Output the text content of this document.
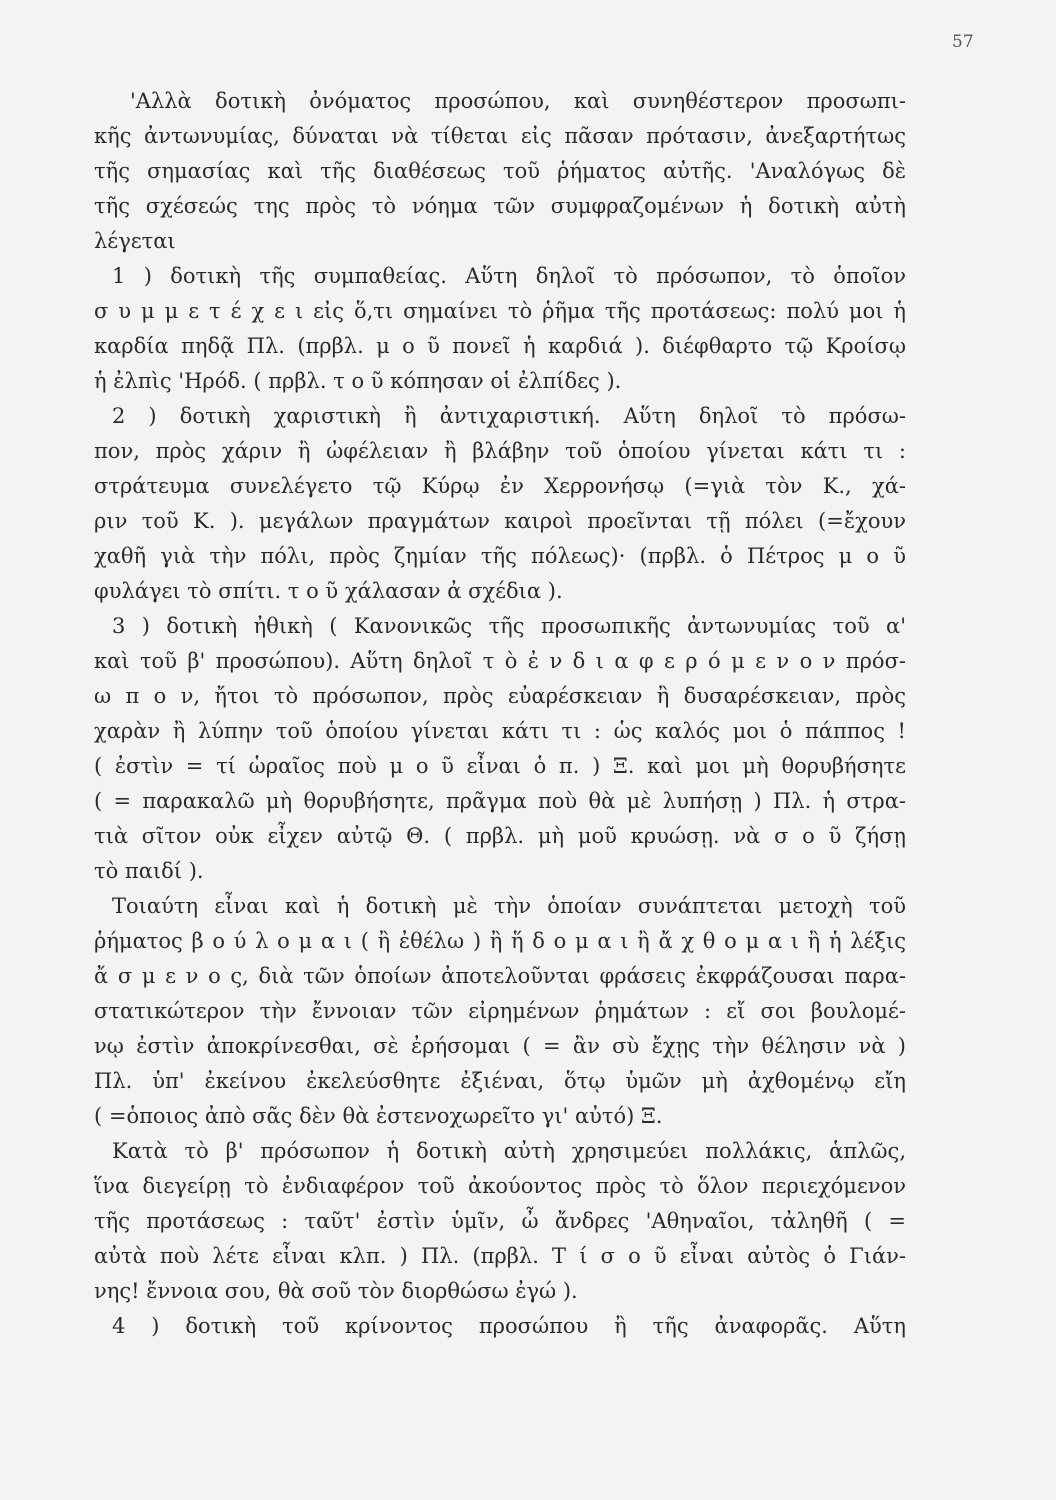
57
'Αλλὰ δοτικὴ ὀνόματος προσώπου, καὶ συνηθέστερον προσωπι-
κῆς ἀντωνυμίας, δύναται νὰ τίθεται εἰς πᾶσαν πρότασιν, ἀνεξαρτήτως
τῆς σημασίας καὶ τῆς διαθέσεως τοῦ ῥήματος αὐτῆς. 'Αναλόγως δὲ
τῆς σχέσεώς της πρὸς τὸ νόημα τῶν συμφραζομένων ἡ δοτικὴ αὐτὴ
λέγεται
1 ) δοτικὴ τῆς συμπαθείας. Αὕτη δηλοῖ τὸ πρόσωπον, τὸ ὁποῖον
σ υ μ μ ε τ έ χ ε ι εἰς ὅ,τι σημαίνει τὸ ῥῆμα τῆς προτάσεως: πολύ μοι ἡ
καρδία πηδᾷ Πλ. (πρβλ. μ ο ῦ πονεῖ ἡ καρδιά ). διέφθαρτο τῷ Κροίσῳ
ἡ ἐλπὶς 'Ηρόδ. ( πρβλ. τ ο ῦ κόπησαν οἱ ἐλπίδες ).
2 ) δοτικὴ χαριστικὴ ἢ ἀντιχαριστική. Αὕτη δηλοῖ τὸ πρόσω-
πον, πρὸς χάριν ἢ ὠφέλειαν ἢ βλάβην τοῦ ὁποίου γίνεται κάτι τι :
στράτευμα συνελέγετο τῷ Κύρῳ ἐν Χερρονήσῳ (=γιὰ τὸν Κ., χά-
ριν τοῦ Κ. ). μεγάλων πραγμάτων καιροὶ προεῖνται τῇ πόλει (=ἔχουν
χαθῆ γιὰ τὴν πόλι, πρὸς ζημίαν τῆς πόλεως)· (πρβλ. ὁ Πέτρος μ ο ῦ
φυλάγει τὸ σπίτι. τ ο ῦ χάλασαν ἀ σχέδια ).
3 ) δοτικὴ ἠθικὴ ( Κανονικῶς τῆς προσωπικῆς ἀντωνυμίας τοῦ α'
καὶ τοῦ β' προσώπου). Αὕτη δηλοῖ τ ὸ ἐ ν δ ι α φ ε ρ ό μ ε ν ο ν πρόσ-
ω π ο ν, ἤτοι τὸ πρόσωπον, πρὸς εὐαρέσκειαν ἢ δυσαρέσκειαν, πρὸς
χαρὰν ἢ λύπην τοῦ ὁποίου γίνεται κάτι τι : ὡς καλός μοι ὁ πάππος !
( ἐστὶν = τί ὡραῖος ποὺ μ ο ῦ εἶναι ὁ π. ) Ξ. καὶ μοι μὴ θορυβήσητε
( = παρακαλῶ μὴ θορυβήσητε, πρᾶγμα ποὺ θὰ μὲ λυπήσῃ ) Πλ. ἡ στρα-
τιὰ σῖτον οὐκ εἶχεν αὐτῷ Θ. ( πρβλ. μὴ μοῦ κρυώσῃ. νὰ σ ο ῦ ζήσῃ
τὸ παιδί ).
Τοιαύτη εἶναι καὶ ἡ δοτικὴ μὲ τὴν ὁποίαν συνάπτεται μετοχὴ τοῦ
ῥήματος β ο ύ λ ο μ α ι ( ἢ ἐθέλω ) ἢ ἥ δ ο μ α ι ἢ ἄ χ θ ο μ α ι ἢ ἡ λέξις
ἄ σ μ ε ν ο ς, διὰ τῶν ὁποίων ἀποτελοῦνται φράσεις ἐκφράζουσαι παρα-
στατικώτερον τὴν ἔννοιαν τῶν εἰρημένων ῥημάτων : εἴ σοι βουλομέ-
νῳ ἐστὶν ἀποκρίνεσθαι, σὲ ἐρήσομαι ( = ἂν σὺ ἔχῃς τὴν θέλησιν νὰ )
Πλ. ὑπ' ἐκείνου ἐκελεύσθητε ἐξιέναι, ὅτῳ ὑμῶν μὴ ἀχθομένῳ εἴη
( =ὁποιος ἀπὸ σᾶς δὲν θὰ ἐστενοχωρεῖτο γι' αὐτό) Ξ.
Κατὰ τὸ β' πρόσωπον ἡ δοτικὴ αὐτὴ χρησιμεύει πολλάκις, ἁπλῶς,
ἵνα διεγείρῃ τὸ ἐνδιαφέρον τοῦ ἀκούοντος πρὸς τὸ ὅλον περιεχόμενον
τῆς προτάσεως : ταῦτ' ἐστὶν ὑμῖν, ὦ ἄνδρες 'Αθηναῖοι, τἀληθῆ ( =
αὐτὰ ποὺ λέτε εἶναι κλπ. ) Πλ. (πρβλ. Τ ί σ ο ῦ εἶναι αὐτὸς ὁ Γιάν-
νης! ἔννοια σου, θὰ σοῦ τὸν διορθώσω ἐγώ ).
4 ) δοτικὴ τοῦ κρίνοντος προσώπου ἢ τῆς ἀναφορᾶς. Αὕτη
